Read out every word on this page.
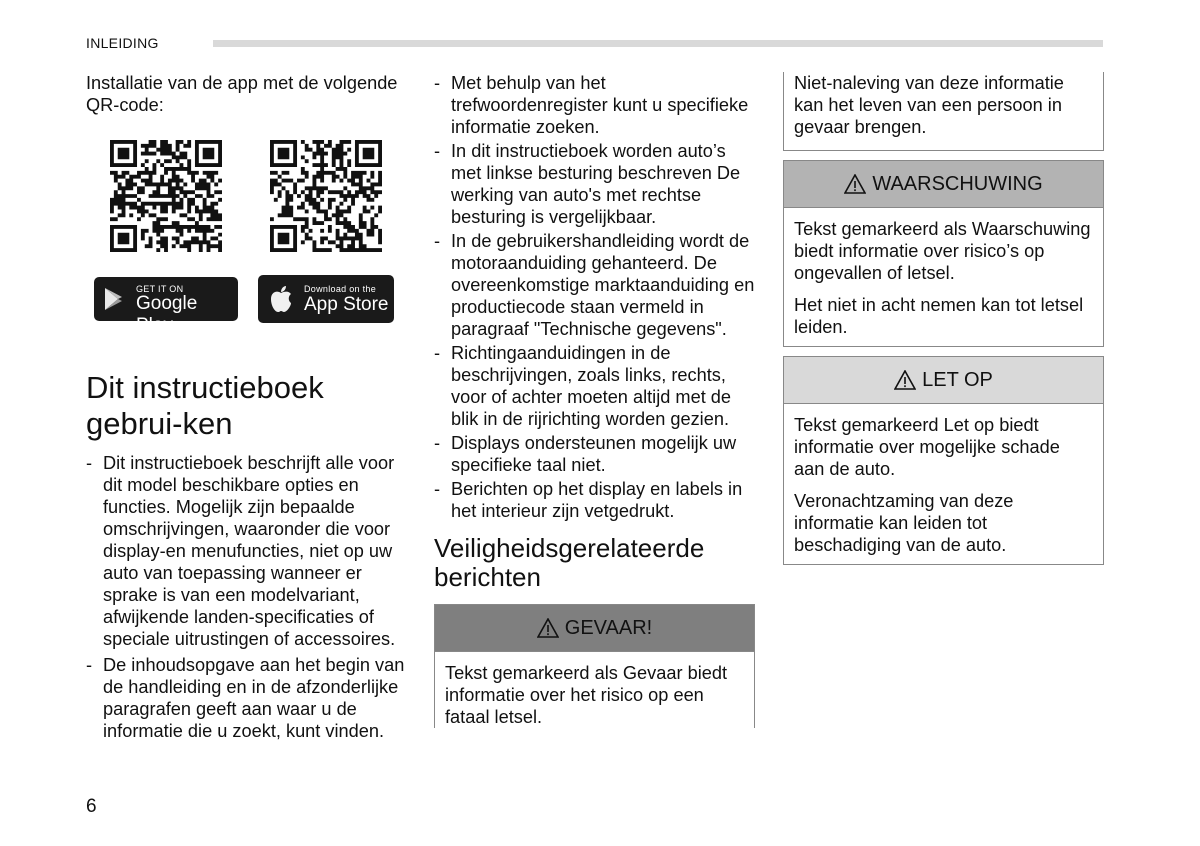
INLEIDING
Installatie van de app met de volgende QR-code:
GET IT ON
Google Play
Download on the
App Store
Dit instructieboek gebrui-ken
- Dit instructieboek beschrijft alle voor dit model beschikbare opties en functies. Mogelijk zijn bepaalde omschrijvingen, waaronder die voor display-en menufuncties, niet op uw auto van toepassing wanneer er sprake is van een modelvariant, afwijkende landen-specificaties of speciale uitrustingen of accessoires.
- De inhoudsopgave aan het begin van de handleiding en in de afzonderlijke paragrafen geeft aan waar u de informatie die u zoekt, kunt vinden.
- Met behulp van het trefwoordenregister kunt u specifieke informatie zoeken.
- In dit instructieboek worden auto’s met linkse besturing beschreven De werking van auto's met rechtse besturing is vergelijkbaar.
- In de gebruikershandleiding wordt de motoraanduiding gehanteerd. De overeenkomstige marktaanduiding en productiecode staan vermeld in paragraaf "Technische gegevens".
- Richtingaanduidingen in de beschrijvingen, zoals links, rechts, voor of achter moeten altijd met de blik in de rijrichting worden gezien.
- Displays ondersteunen mogelijk uw specifieke taal niet.
- Berichten op het display en labels in het interieur zijn vetgedrukt.
Veiligheidsgerelateerde berichten
GEVAAR!

Tekst gemarkeerd als Gevaar biedt informatie over het risico op een fataal letsel.

Niet-naleving van deze informatie kan het leven van een persoon in gevaar brengen.

WAARSCHUWING

Tekst gemarkeerd als Waarschuwing biedt informatie over risico’s op ongevallen of letsel.

Het niet in acht nemen kan tot letsel leiden.

LET OP

Tekst gemarkeerd Let op biedt informatie over mogelijke schade aan de auto.

Veronachtzaming van deze informatie kan leiden tot beschadiging van de auto.

6
